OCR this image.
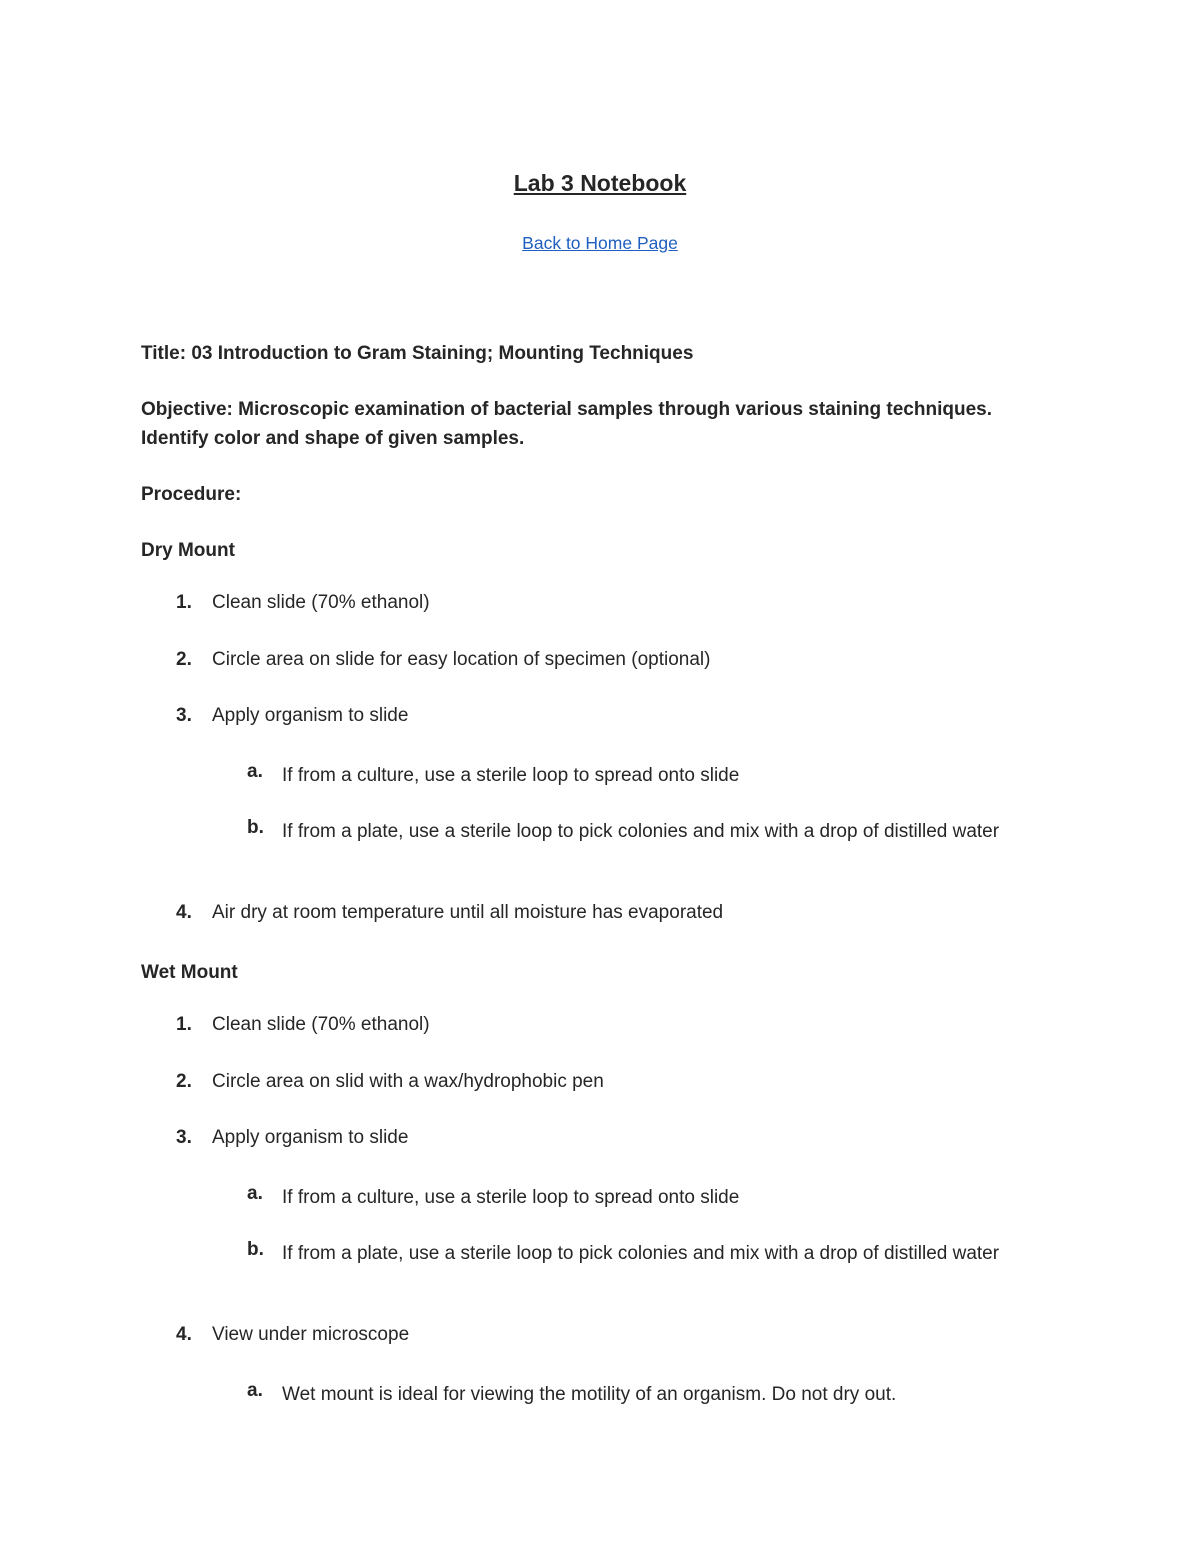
Lab 3 Notebook
Back to Home Page
Title: 03 Introduction to Gram Staining; Mounting Techniques
Objective: Microscopic examination of bacterial samples through various staining techniques.
Identify color and shape of given samples.
Procedure:
Dry Mount
1. Clean slide (70% ethanol)
2. Circle area on slide for easy location of specimen (optional)
3. Apply organism to slide
a. If from a culture, use a sterile loop to spread onto slide
b. If from a plate, use a sterile loop to pick colonies and mix with a drop of distilled water
4. Air dry at room temperature until all moisture has evaporated
Wet Mount
1. Clean slide (70% ethanol)
2. Circle area on slid with a wax/hydrophobic pen
3. Apply organism to slide
a. If from a culture, use a sterile loop to spread onto slide
b. If from a plate, use a sterile loop to pick colonies and mix with a drop of distilled water
4. View under microscope
a. Wet mount is ideal for viewing the motility of an organism. Do not dry out.
